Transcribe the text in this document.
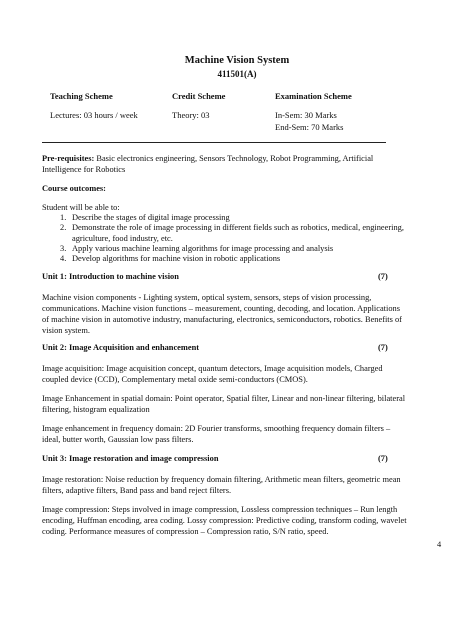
Machine Vision System
411501(A)
Teaching Scheme	Credit Scheme	Examination Scheme
Lectures: 03 hours / week	Theory: 03	In-Sem: 30 Marks
End-Sem: 70 Marks
Pre-requisites: Basic electronics engineering, Sensors Technology, Robot Programming, Artificial
Intelligence for Robotics
Course outcomes:
Student will be able to:
1. Describe the stages of digital image processing
2. Demonstrate the role of image processing in different fields such as robotics, medical, engineering,
agriculture, food industry, etc.
3. Apply various machine learning algorithms for image processing and analysis
4. Develop algorithms for machine vision in robotic applications
Unit 1: Introduction to machine vision	(7)
Machine vision components - Lighting system, optical system, sensors, steps of vision processing,
communications. Machine vision functions – measurement, counting, decoding, and location. Applications
of machine vision in automotive industry, manufacturing, electronics, semiconductors, robotics. Benefits of
vision system.
Unit 2: Image Acquisition and enhancement	(7)
Image acquisition: Image acquisition concept, quantum detectors, Image acquisition models, Charged
coupled device (CCD), Complementary metal oxide semi-conductors (CMOS).
Image Enhancement in spatial domain: Point operator, Spatial filter, Linear and non-linear filtering, bilateral
filtering, histogram equalization
Image enhancement in frequency domain: 2D Fourier transforms, smoothing frequency domain filters –
ideal, butter worth, Gaussian low pass filters.
Unit 3: Image restoration and image compression	(7)
Image restoration: Noise reduction by frequency domain filtering, Arithmetic mean filters, geometric mean
filters, adaptive filters, Band pass and band reject filters.
Image compression: Steps involved in image compression, Lossless compression techniques – Run length
encoding, Huffman encoding, area coding. Lossy compression: Predictive coding, transform coding, wavelet
coding. Performance measures of compression – Compression ratio, S/N ratio, speed.
4
